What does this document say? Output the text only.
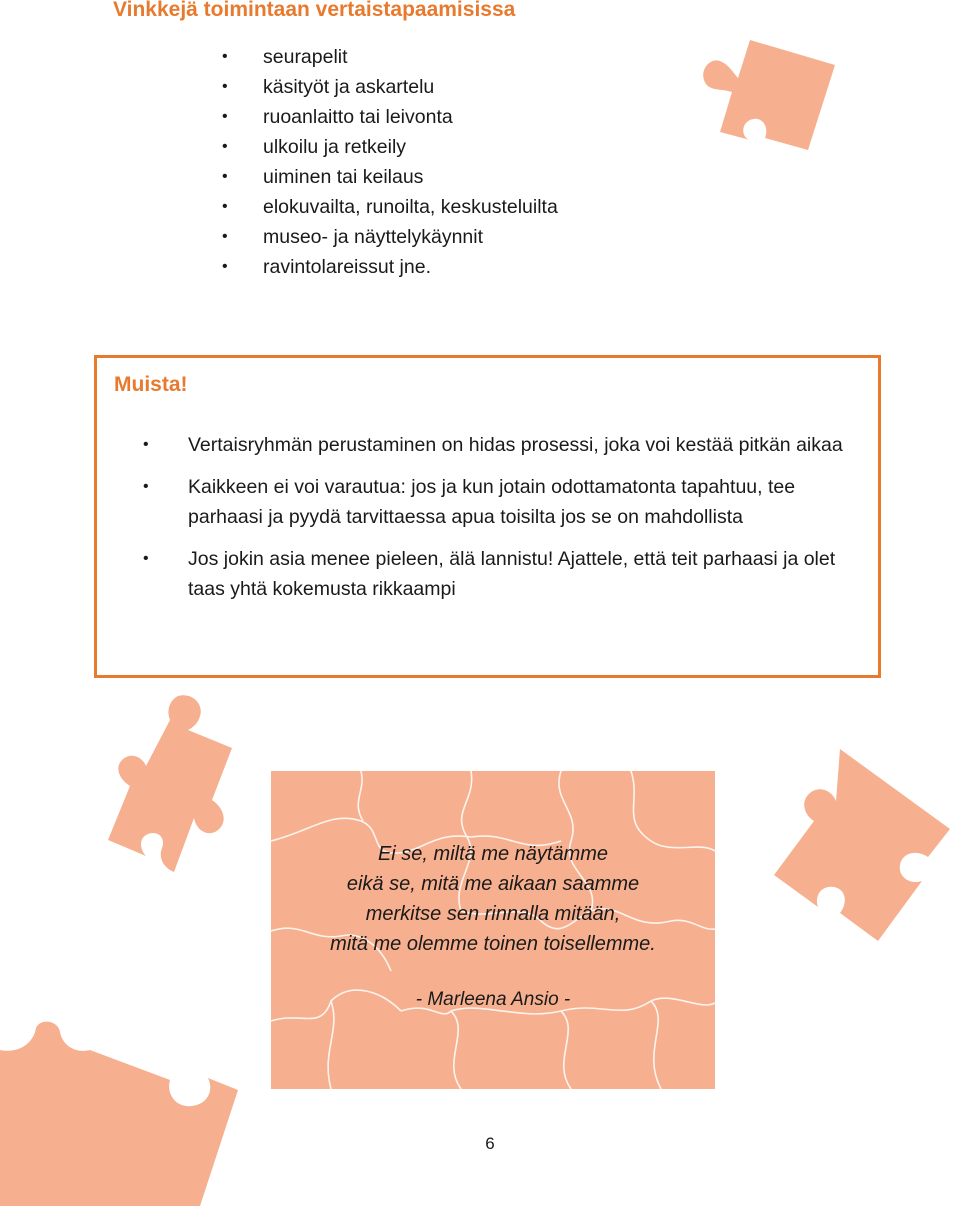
Vinkkejä toimintaan vertaistapaamisissa
• seurapelit
• käsityöt ja askartelu
• ruoanlaitto tai leivonta
• ulkoilu ja retkeily
• uiminen tai keilaus
• elokuvailta, runoilta, keskusteluilta
• museo- ja näyttelykäynnit
• ravintolareissut jne.
Muista!
• Vertaisryhmän perustaminen on hidas prosessi, joka voi kestää pitkän aikaa
• Kaikkeen ei voi varautua: jos ja kun jotain odottamatonta tapahtuu, tee parhaasi ja pyydä tarvittaessa apua toisilta jos se on mahdollista
• Jos jokin asia menee pieleen, älä lannistu! Ajattele, että teit parhaasi ja olet taas yhtä kokemusta rikkaampi
Ei se, miltä me näytämme
eikä se, mitä me aikaan saamme
merkitse sen rinnalla mitään,
mitä me olemme toinen toisellemme.
- Marleena Ansio -
6
